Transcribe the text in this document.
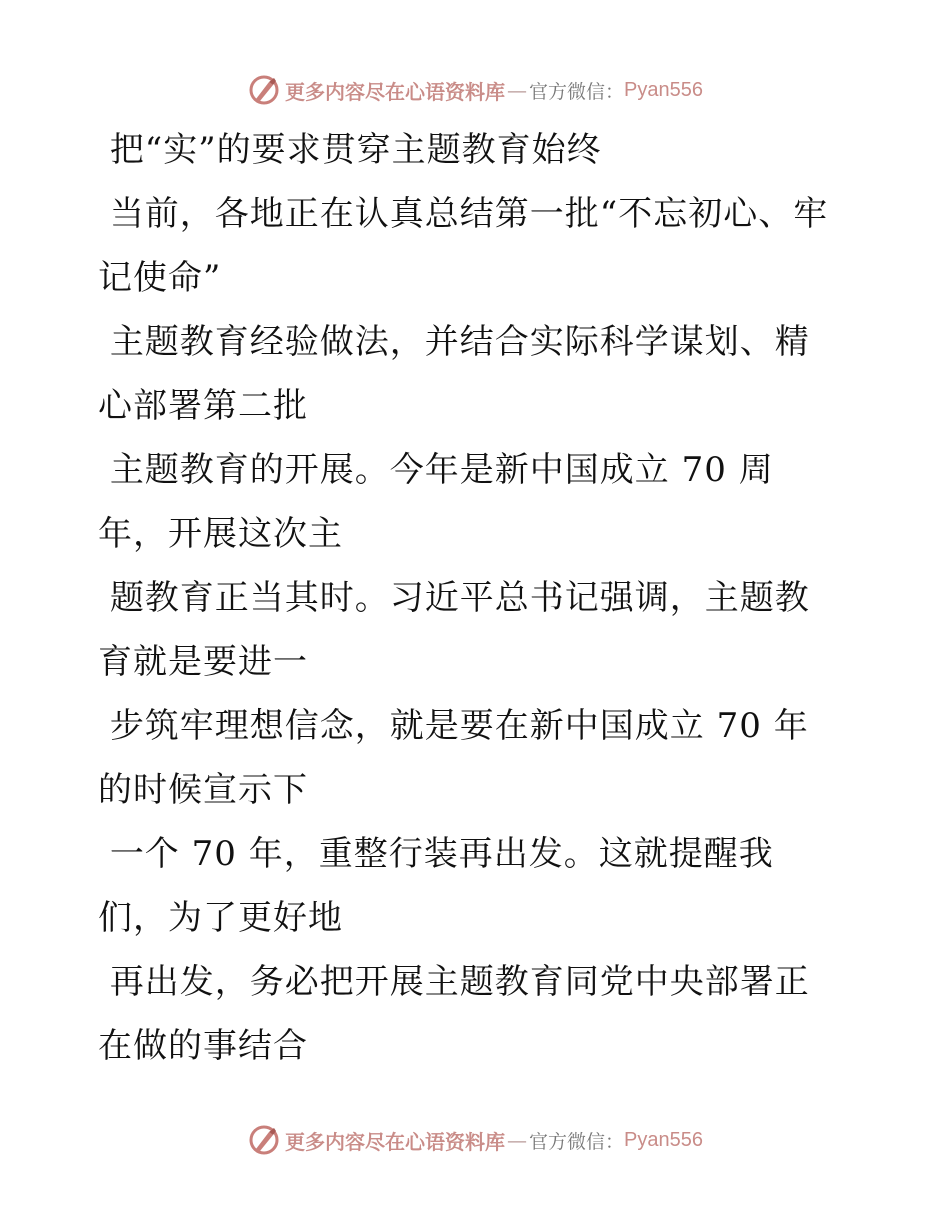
更多内容尽在心语资料库 — 官方微信： Pyan556

把“实”的要求贯穿主题教育始终

当前，各地正在认真总结第一批“不忘初心、牢记使命”

主题教育经验做法，并结合实际科学谋划、精心部署第二批

主题教育的开展。今年是新中国成立 70 周年，开展这次主

题教育正当其时。习近平总书记强调，主题教育就是要进一

步筑牢理想信念，就是要在新中国成立 70 年的时候宣示下

一个 70 年，重整行装再出发。这就提醒我们，为了更好地

再出发，务必把开展主题教育同党中央部署正在做的事结合

更多内容尽在心语资料库 — 官方微信： Pyan556
